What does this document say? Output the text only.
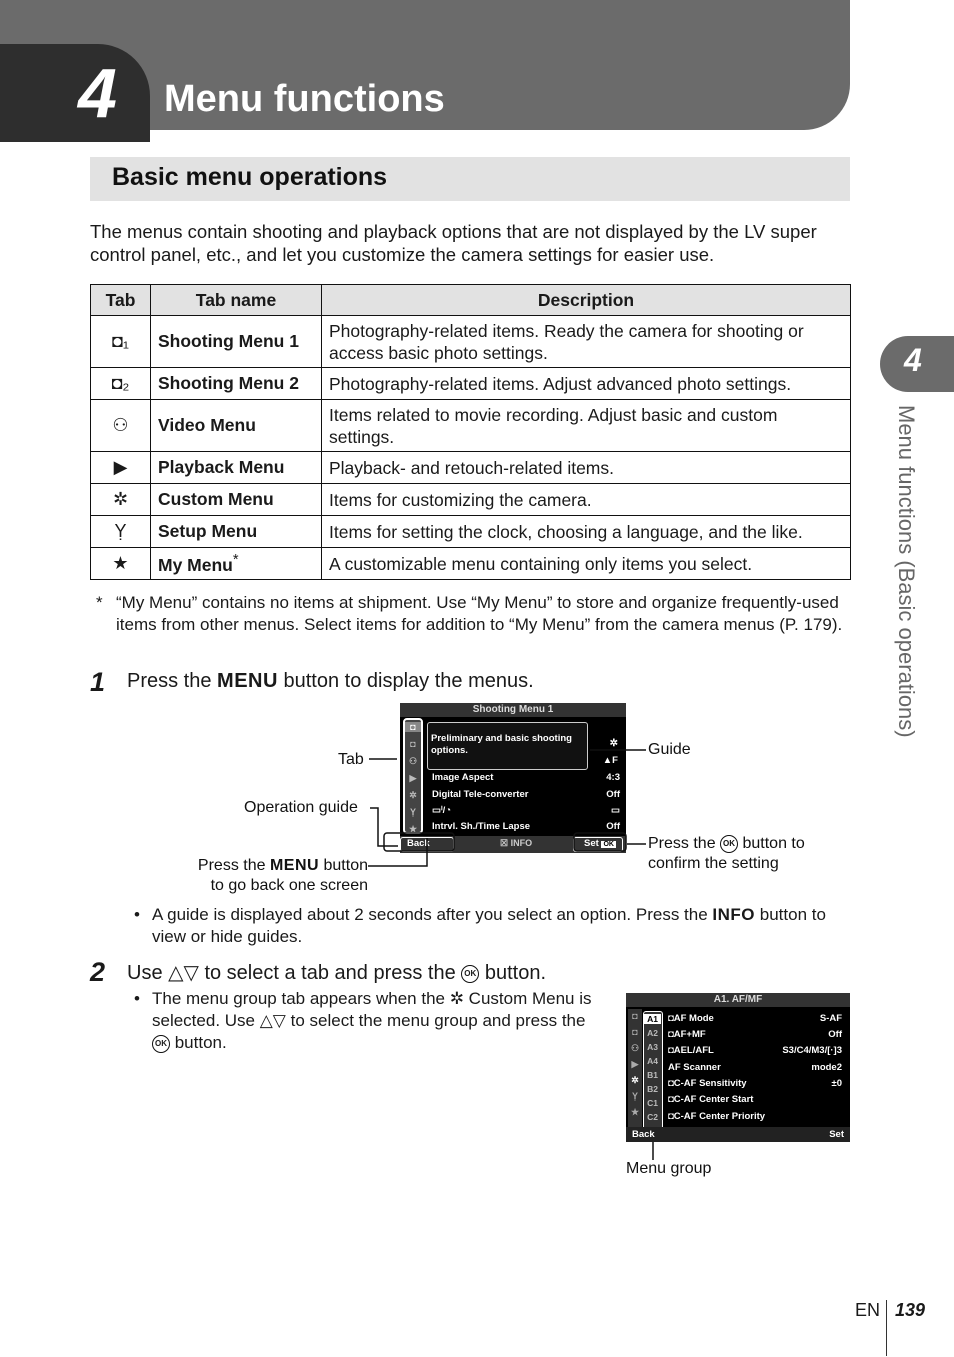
4 Menu functions
4
Menu functions (Basic operations)
Basic menu operations

The menus contain shooting and playback options that are not displayed by the LV super control panel, etc., and let you customize the camera settings for easier use.

Tab	Tab name	Description
◘₁	Shooting Menu 1	Photography-related items. Ready the camera for shooting or access basic photo settings.
◘₂	Shooting Menu 2	Photography-related items. Adjust advanced photo settings.
⚇	Video Menu	Items related to movie recording. Adjust basic and custom settings.
▶	Playback Menu	Playback- and retouch-related items.
✲	Custom Menu	Items for customizing the camera.
Ỵ	Setup Menu	Items for setting the clock, choosing a language, and the like.
★	My Menu*	A customizable menu containing only items you select.
* “My Menu” contains no items at shipment. Use “My Menu” to store and organize frequently-used items from other menus. Select items for addition to “My Menu” from the camera menus (P. 179).
1 Press the MENU button to display the menus.
Shooting Menu 1
◘
◘
⚇
▶
✲
Ỵ
★
Preliminary and basic shooting options.
✲
▲F
Image Aspect	4:3
Digital Tele-converter	Off
▭ⁱ/◔	▭
Intrvl. Sh./Time Lapse	Off
Back MENU
☒ INFO	Set OK
Tab
Guide
Operation guide
Press the MENU button
to go back one screen
Press the OK button to
confirm the setting
• A guide is displayed about 2 seconds after you select an option. Press the INFO button to view or hide guides.
2 Use △▽ to select a tab and press the OK button.
• The menu group tab appears when the ✲ Custom Menu is selected. Use △▽ to select the menu group and press the OK button.
A1. AF/MF
◘
◘
⚇
▶
✲
Ỵ
★
A1
A2
A3
A4
B1
B2
C1
C2
◘AF Mode	S-AF
◘AF+MF	Off
◘AEL/AFL	S3/C4/M3/[·]3
AF Scanner	mode2
◘C-AF Sensitivity	±0
◘C-AF Center Start
◘C-AF Center Priority
Back	Set
Menu group
EN 139
